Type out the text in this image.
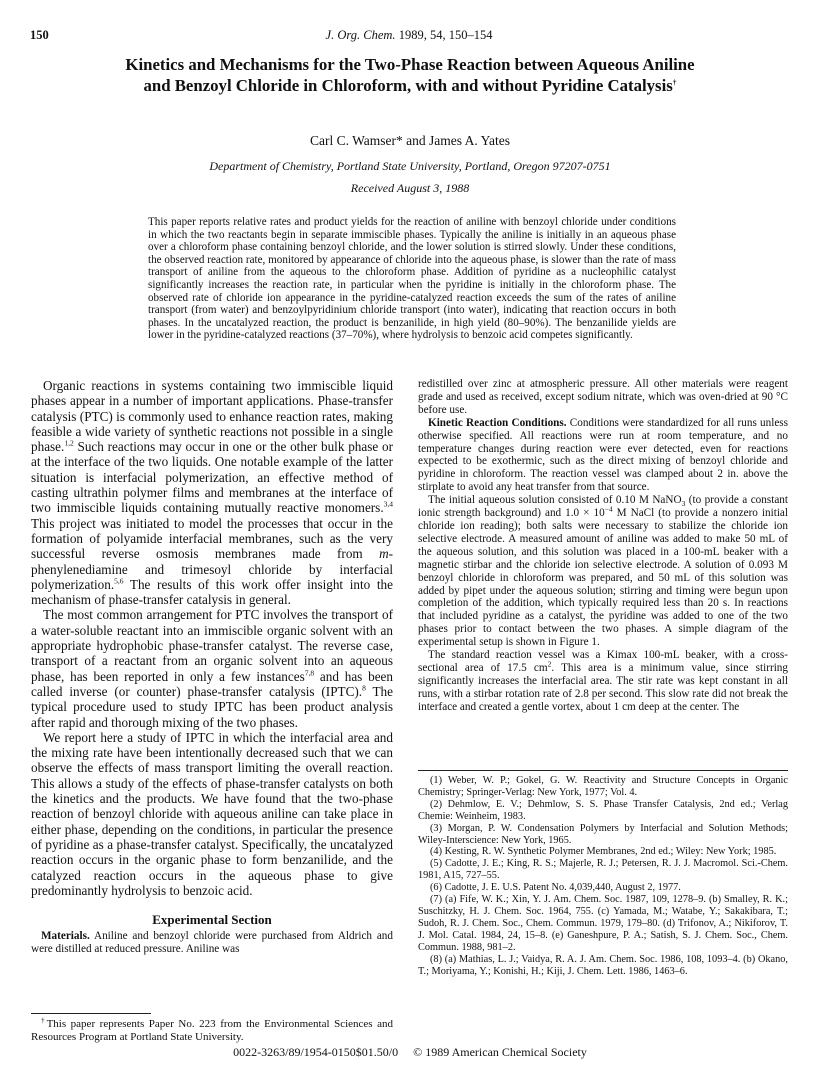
150	J. Org. Chem. 1989, 54, 150–154
Kinetics and Mechanisms for the Two-Phase Reaction between Aqueous Aniline and Benzoyl Chloride in Chloroform, with and without Pyridine Catalysis†
Carl C. Wamser* and James A. Yates
Department of Chemistry, Portland State University, Portland, Oregon 97207-0751
Received August 3, 1988

This paper reports relative rates and product yields for the reaction of aniline with benzoyl chloride under conditions in which the two reactants begin in separate immiscible phases. Typically the aniline is initially in an aqueous phase over a chloroform phase containing benzoyl chloride, and the lower solution is stirred slowly. Under these conditions, the observed reaction rate, monitored by appearance of chloride into the aqueous phase, is slower than the rate of mass transport of aniline from the aqueous to the chloroform phase. Addition of pyridine as a nucleophilic catalyst significantly increases the reaction rate, in particular when the pyridine is initially in the chloroform phase. The observed rate of chloride ion appearance in the pyridine-catalyzed reaction exceeds the sum of the rates of aniline transport (from water) and benzoylpyridinium chloride transport (into water), indicating that reaction occurs in both phases. In the uncatalyzed reaction, the product is benzanilide, in high yield (80–90%). The benzanilide yields are lower in the pyridine-catalyzed reactions (37–70%), where hydrolysis to benzoic acid competes significantly.

Organic reactions in systems containing two immiscible liquid phases appear in a number of important applications. Phase-transfer catalysis (PTC) is commonly used to enhance reaction rates, making feasible a wide variety of synthetic reactions not possible in a single phase.$^{1,2}$ Such reactions may occur in one or the other bulk phase or at the interface of the two liquids. One notable example of the latter situation is interfacial polymerization, an effective method of casting ultrathin polymer films and membranes at the interface of two immiscible liquids containing mutually reactive monomers.$^{3,4}$ This project was initiated to model the processes that occur in the formation of polyamide interfacial membranes, such as the very successful reverse osmosis membranes made from m-phenylenediamine and trimesoyl chloride by interfacial polymerization.$^{5,6}$ The results of this work offer insight into the mechanism of phase-transfer catalysis in general.

The most common arrangement for PTC involves the transport of a water-soluble reactant into an immiscible organic solvent with an appropriate hydrophobic phase-transfer catalyst. The reverse case, transport of a reactant from an organic solvent into an aqueous phase, has been reported in only a few instances$^{7,8}$ and has been called inverse (or counter) phase-transfer catalysis (IPTC).$^8$ The typical procedure used to study IPTC has been product analysis after rapid and thorough mixing of the two phases.

We report here a study of IPTC in which the interfacial area and the mixing rate have been intentionally decreased such that we can observe the effects of mass transport limiting the overall reaction. This allows a study of the effects of phase-transfer catalysts on both the kinetics and the products. We have found that the two-phase reaction of benzoyl chloride with aqueous aniline can take place in either phase, depending on the conditions, in particular the presence of pyridine as a phase-transfer catalyst. Specifically, the uncatalyzed reaction occurs in the organic phase to form benzanilide, and the catalyzed reaction occurs in the aqueous phase to give predominantly hydrolysis to benzoic acid.

Experimental Section

Materials. Aniline and benzoyl chloride were purchased from Aldrich and were distilled at reduced pressure. Aniline was

†This paper represents Paper No. 223 from the Environmental Sciences and Resources Program at Portland State University.

redistilled over zinc at atmospheric pressure. All other materials were reagent grade and used as received, except sodium nitrate, which was oven-dried at 90 °C before use.

Kinetic Reaction Conditions. Conditions were standardized for all runs unless otherwise specified. All reactions were run at room temperature, and no temperature changes during reaction were ever detected, even for reactions expected to be exothermic, such as the direct mixing of benzoyl chloride and pyridine in chloroform. The reaction vessel was clamped about 2 in. above the stirplate to avoid any heat transfer from that source.

The initial aqueous solution consisted of 0.10 M NaNO$_3$ (to provide a constant ionic strength background) and $1.0 \times 10^{-4}$ M NaCl (to provide a nonzero initial chloride ion reading); both salts were necessary to stabilize the chloride ion selective electrode. A measured amount of aniline was added to make 50 mL of the aqueous solution, and this solution was placed in a 100-mL beaker with a magnetic stirbar and the chloride ion selective electrode. A solution of 0.093 M benzoyl chloride in chloroform was prepared, and 50 mL of this solution was added by pipet under the aqueous solution; stirring and timing were begun upon completion of the addition, which typically required less than 20 s. In reactions that included pyridine as a catalyst, the pyridine was added to one of the two phases prior to contact between the two phases. A simple diagram of the experimental setup is shown in Figure 1.

The standard reaction vessel was a Kimax 100-mL beaker, with a cross-sectional area of 17.5 $cm^2$. This area is a minimum value, since stirring significantly increases the interfacial area. The stir rate was kept constant in all runs, with a stirbar rotation rate of 2.8 per second. This slow rate did not break the interface and created a gentle vortex, about 1 cm deep at the center. The

(1) Weber, W. P.; Gokel, G. W. Reactivity and Structure Concepts in Organic Chemistry; Springer-Verlag: New York, 1977; Vol. 4.

(2) Dehmlow, E. V.; Dehmlow, S. S. Phase Transfer Catalysis, 2nd ed.; Verlag Chemie: Weinheim, 1983.

(3) Morgan, P. W. Condensation Polymers by Interfacial and Solution Methods; Wiley-Interscience: New York, 1965.

(4) Kesting, R. W. Synthetic Polymer Membranes, 2nd ed.; Wiley: New York; 1985.

(5) Cadotte, J. E.; King, R. S.; Majerle, R. J.; Petersen, R. J. J. Macromol. Sci.-Chem. 1981, A15, 727–55.

(6) Cadotte, J. E. U.S. Patent No. 4,039,440, August 2, 1977.

(7) (a) Fife, W. K.; Xin, Y. J. Am. Chem. Soc. 1987, 109, 1278–9. (b) Smalley, R. K.; Suschitzky, H. J. Chem. Soc. 1964, 755. (c) Yamada, M.; Watabe, Y.; Sakakibara, T.; Sudoh, R. J. Chem. Soc., Chem. Commun. 1979, 179–80. (d) Trifonov, A.; Nikiforov, T. J. Mol. Catal. 1984, 24, 15–8. (e) Ganeshpure, P. A.; Satish, S. J. Chem. Soc., Chem. Commun. 1988, 981–2.

(8) (a) Mathias, L. J.; Vaidya, R. A. J. Am. Chem. Soc. 1986, 108, 1093–4. (b) Okano, T.; Moriyama, Y.; Konishi, H.; Kiji, J. Chem. Lett. 1986, 1463–6.

0022-3263/89/1954-0150$01.50/0 © 1989 American Chemical Society
